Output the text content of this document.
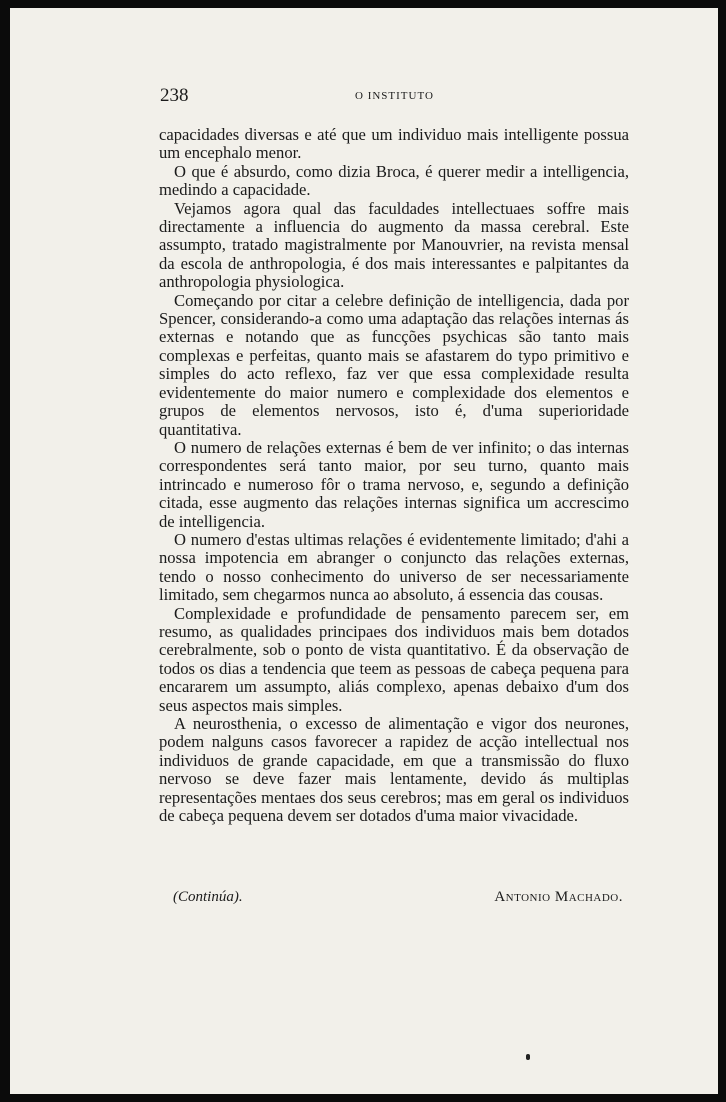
238	O INSTITUTO

capacidades diversas e até que um individuo mais intelligente possua um encephalo menor.

O que é absurdo, como dizia Broca, é querer medir a intelligencia, medindo a capacidade.

Vejamos agora qual das faculdades intellectuaes soffre mais directamente a influencia do augmento da massa cerebral. Este assumpto, tratado magistralmente por Manouvrier, na revista mensal da escola de anthropologia, é dos mais interessantes e palpitantes da anthropologia physiologica.

Começando por citar a celebre definição de intelligencia, dada por Spencer, considerando-a como uma adaptação das relações internas ás externas e notando que as funcções psychicas são tanto mais complexas e perfeitas, quanto mais se afastarem do typo primitivo e simples do acto reflexo, faz ver que essa complexidade resulta evidentemente do maior numero e complexidade dos elementos e grupos de elementos nervosos, isto é, d'uma superioridade quantitativa.

O numero de relações externas é bem de ver infinito; o das internas correspondentes será tanto maior, por seu turno, quanto mais intrincado e numeroso fôr o trama nervoso, e, segundo a definição citada, esse augmento das relações internas significa um accrescimo de intelligencia.

O numero d'estas ultimas relações é evidentemente limitado; d'ahi a nossa impotencia em abranger o conjuncto das relações externas, tendo o nosso conhecimento do universo de ser necessariamente limitado, sem chegarmos nunca ao absoluto, á essencia das cousas.

Complexidade e profundidade de pensamento parecem ser, em resumo, as qualidades principaes dos individuos mais bem dotados cerebralmente, sob o ponto de vista quantitativo. É da observação de todos os dias a tendencia que teem as pessoas de cabeça pequena para encararem um assumpto, aliás complexo, apenas debaixo d'um dos seus aspectos mais simples.

A neurosthenia, o excesso de alimentação e vigor dos neurones, podem nalguns casos favorecer a rapidez de acção intellectual nos individuos de grande capacidade, em que a transmissão do fluxo nervoso se deve fazer mais lentamente, devido ás multiplas representações mentaes dos seus cerebros; mas em geral os individuos de cabeça pequena devem ser dotados d'uma maior vivacidade.

(Continúa).	Antonio Machado.
